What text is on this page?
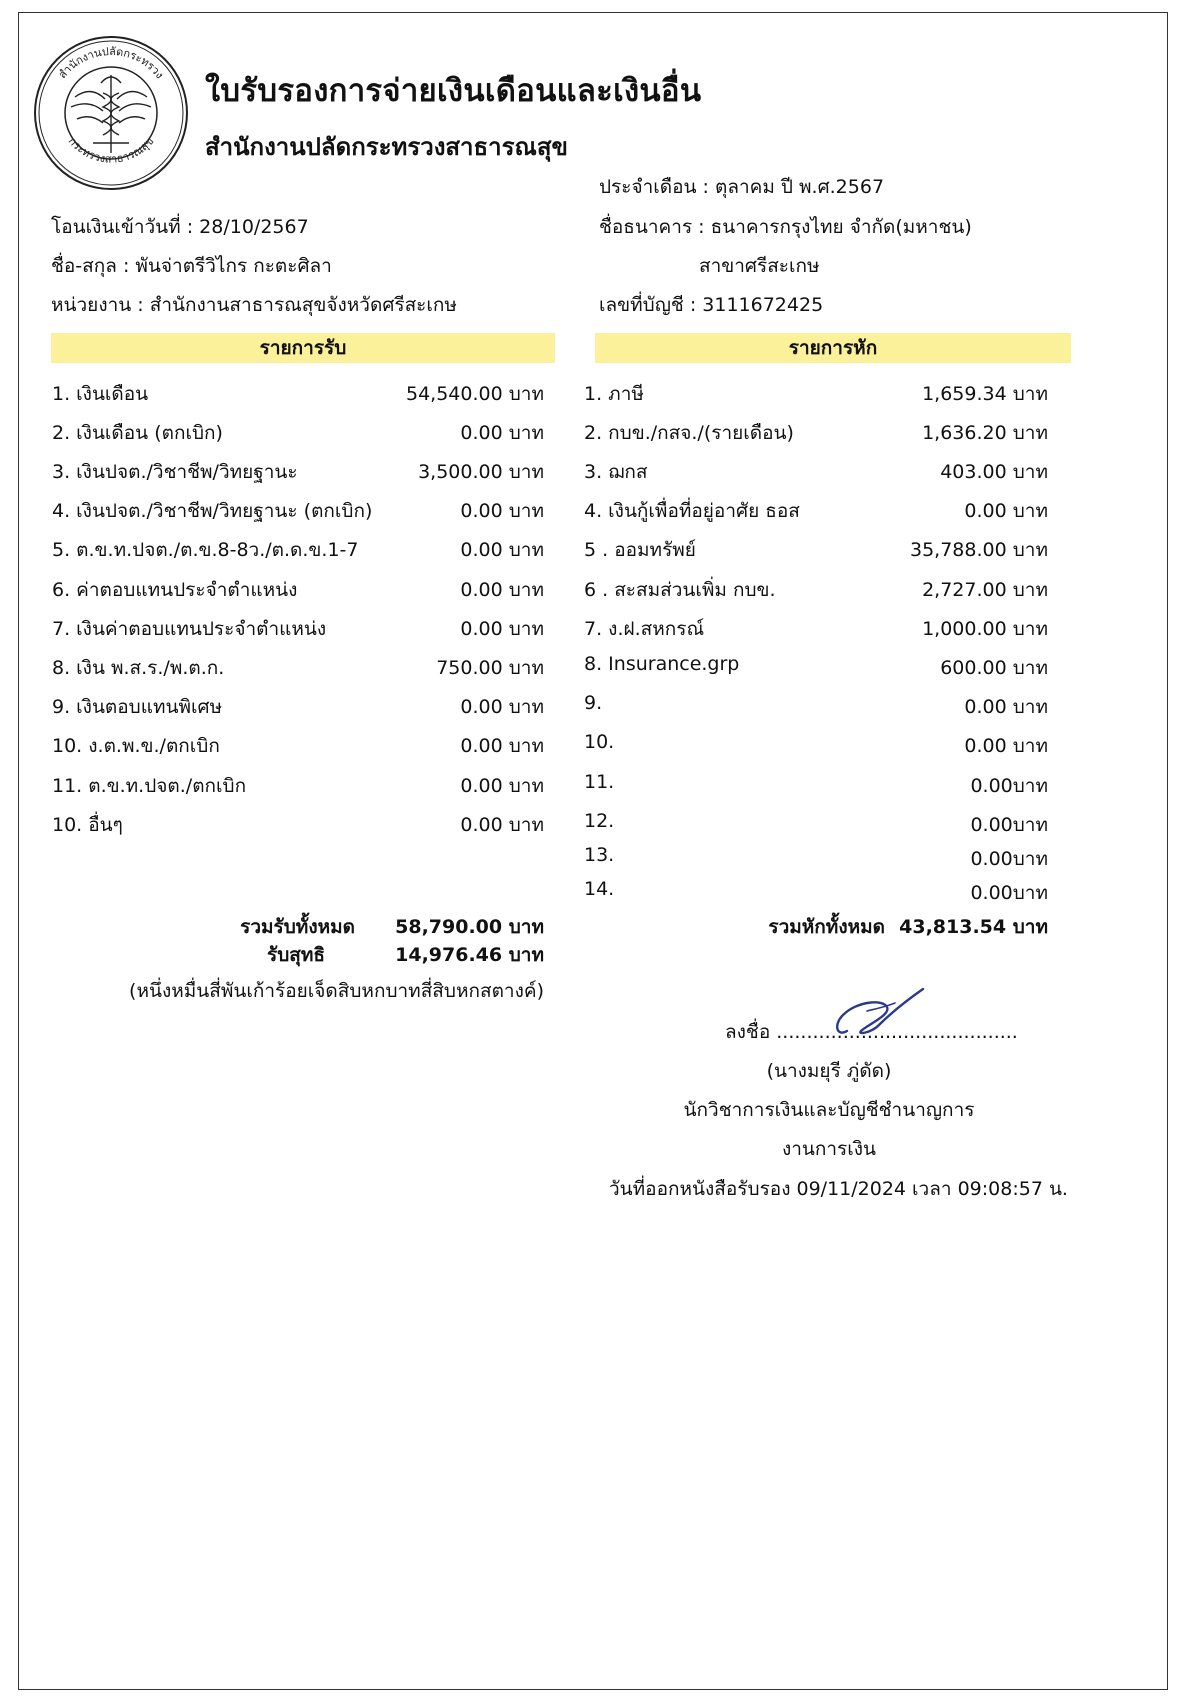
สำนักงานปลัดกระทรวง
กระทรวงสาธารณสุข
ใบรับรองการจ่ายเงินเดือนและเงินอื่น
สำนักงานปลัดกระทรวงสาธารณสุข
ประจำเดือน : ตุลาคม ปี พ.ศ.2567
โอนเงินเข้าวันที่ : 28/10/2567	ชื่อธนาคาร : ธนาคารกรุงไทย จำกัด(มหาชน)
ชื่อ-สกุล : พันจ่าตรีวิไกร กะตะศิลา	สาขาศรีสะเกษ
หน่วยงาน : สำนักงานสาธารณสุขจังหวัดศรีสะเกษ	เลขที่บัญชี : 3111672425
รายการรับ	รายการหัก
1. เงินเดือน	54,540.00 บาท
2. เงินเดือน (ตกเบิก)	0.00 บาท
3. เงินปจต./วิชาชีพ/วิทยฐานะ	3,500.00 บาท
4. เงินปจต./วิชาชีพ/วิทยฐานะ (ตกเบิก)	0.00 บาท
5. ต.ข.ท.ปจต./ต.ข.8-8ว./ต.ด.ข.1-7	0.00 บาท
6. ค่าตอบแทนประจำตำแหน่ง	0.00 บาท
7. เงินค่าตอบแทนประจำตำแหน่ง	0.00 บาท
8. เงิน พ.ส.ร./พ.ต.ก.	750.00 บาท
9. เงินตอบแทนพิเศษ	0.00 บาท
10. ง.ต.พ.ข./ตกเบิก	0.00 บาท
11. ต.ข.ท.ปจต./ตกเบิก	0.00 บาท
10. อื่นๆ	0.00 บาท
1. ภาษี	1,659.34 บาท
2. กบข./กสจ./(รายเดือน)	1,636.20 บาท
3. ฌกส	403.00 บาท
4. เงินกู้เพื่อที่อยู่อาศัย ธอส	0.00 บาท
5 . ออมทรัพย์	35,788.00 บาท
6 . สะสมส่วนเพิ่ม กบข.	2,727.00 บาท
7. ง.ฝ.สหกรณ์	1,000.00 บาท
8. Insurance.grp	600.00 บาท
9.	0.00 บาท
10.	0.00 บาท
11.	0.00บาท
12.	0.00บาท
13.	0.00บาท
14.	0.00บาท
รวมรับทั้งหมด	58,790.00 บาท
รับสุทธิ	14,976.46 บาท
(หนึ่งหมื่นสี่พันเก้าร้อยเจ็ดสิบหกบาทสี่สิบหกสตางค์)
รวมหักทั้งหมด 43,813.54 บาท
ลงชื่อ ........................................
(นางมยุรี ภู่ดัด)
นักวิชาการเงินและบัญชีชำนาญการ
งานการเงิน
วันที่ออกหนังสือรับรอง 09/11/2024 เวลา 09:08:57 น.
